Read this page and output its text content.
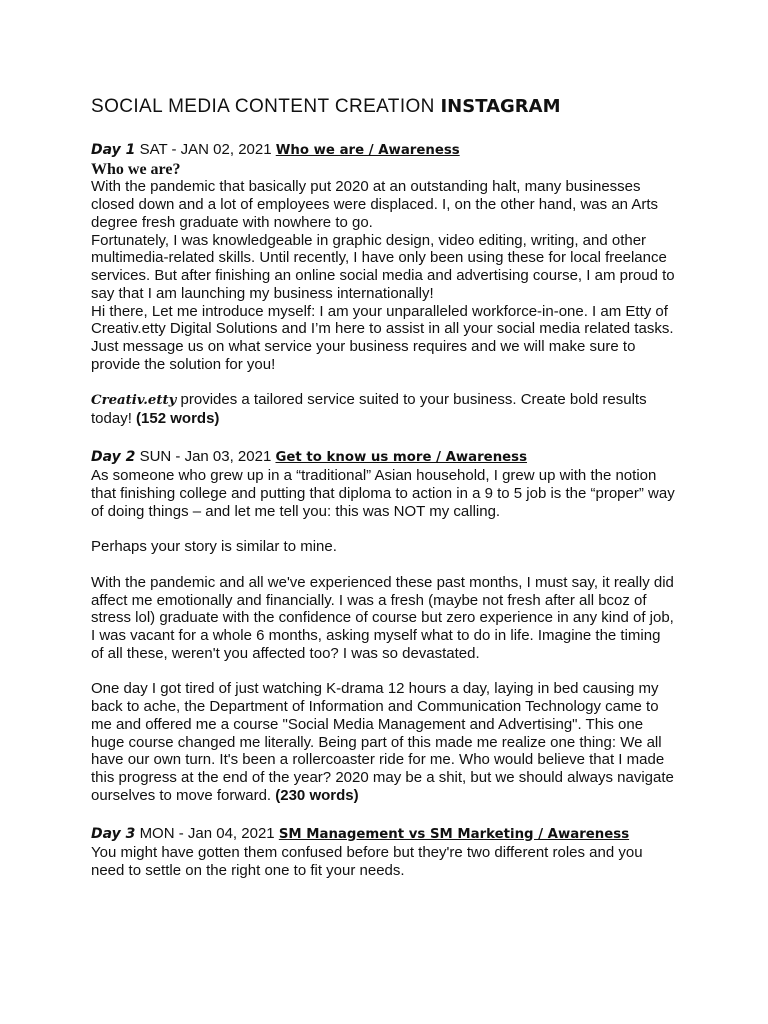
SOCIAL MEDIA CONTENT CREATION INSTAGRAM
Day 1 SAT - JAN 02, 2021 Who we are / Awareness
Who we are?

With the pandemic that basically put 2020 at an outstanding halt, many businesses closed down and a lot of employees were displaced. I, on the other hand, was an Arts degree fresh graduate with nowhere to go.

Fortunately, I was knowledgeable in graphic design, video editing, writing, and other multimedia-related skills. Until recently, I have only been using these for local freelance services. But after finishing an online social media and advertising course, I am proud to say that I am launching my business internationally!

Hi there, Let me introduce myself: I am your unparalleled workforce-in-one. I am Etty of Creativ.etty Digital Solutions and I’m here to assist in all your social media related tasks.

Just message us on what service your business requires and we will make sure to provide the solution for you!

Creativ.etty provides a tailored service suited to your business. Create bold results today! (152 words)

Day 2 SUN - Jan 03, 2021 Get to know us more / Awareness

As someone who grew up in a “traditional” Asian household, I grew up with the notion that finishing college and putting that diploma to action in a 9 to 5 job is the “proper” way of doing things – and let me tell you: this was NOT my calling.

Perhaps your story is similar to mine.

With the pandemic and all we've experienced these past months, I must say, it really did affect me emotionally and financially. I was a fresh (maybe not fresh after all bcoz of stress lol) graduate with the confidence of course but zero experience in any kind of job, I was vacant for a whole 6 months, asking myself what to do in life. Imagine the timing of all these, weren't you affected too? I was so devastated.

One day I got tired of just watching K-drama 12 hours a day, laying in bed causing my back to ache, the Department of Information and Communication Technology came to me and offered me a course "Social Media Management and Advertising". This one huge course changed me literally. Being part of this made me realize one thing: We all have our own turn. It's been a rollercoaster ride for me. Who would believe that I made this progress at the end of the year? 2020 may be a shit, but we should always navigate ourselves to move forward. (230 words)

Day 3 MON - Jan 04, 2021 SM Management vs SM Marketing / Awareness

You might have gotten them confused before but they're two different roles and you need to settle on the right one to fit your needs.
